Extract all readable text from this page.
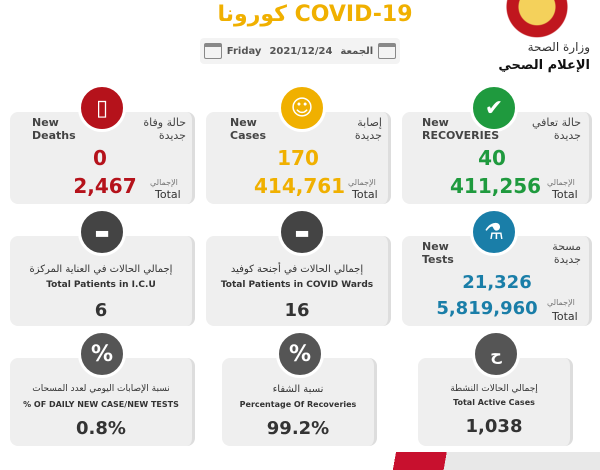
كورونا COVID-19
Friday 2021/12/24 الجمعة	وزارة الصحة
الإعلام الصحي
▯
New Deaths
حالة وفاة جديدة
0
2,467	الإجمالي
Total
☺
New Cases
إصابة جديدة
170
414,761 الإجمالي
Total
✔
New RECOVERIES
حالة تعافي جديدة
40
411,256 الإجمالي
Total
▬
إجمالي الحالات في العناية المركزة
Total Patients in I.C.U
6
▬
إجمالي الحالات في أجنحة كوفيد
Total Patients in COVID Wards
16
⚗
New Tests
مسحة جديدة
21,326
5,819,960	الإجمالي
Total
%
نسبة الإصابات اليومي لعدد المسحات
% OF DAILY NEW CASE/NEW TESTS
0.8%
%
نسبة الشفاء
Percentage Of Recoveries
99.2%
ح
إجمالي الحالات النشطة
Total Active Cases
1,038
